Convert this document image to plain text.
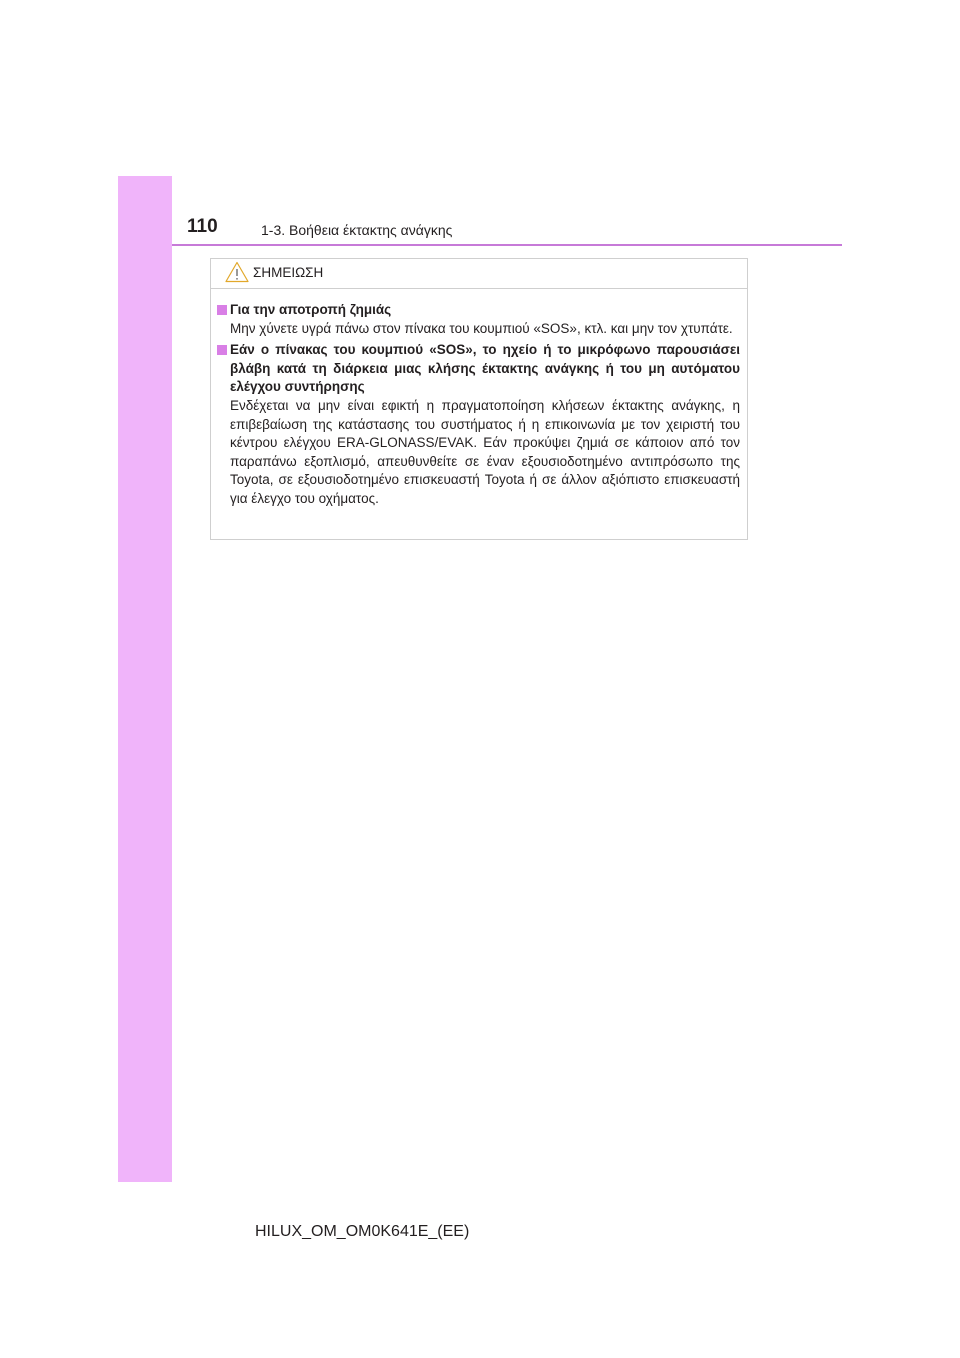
110	1-3. Βοήθεια έκτακτης ανάγκης
ΣΗΜΕΙΩΣΗ
Για την αποτροπή ζημιάς
Μην χύνετε υγρά πάνω στον πίνακα του κουμπιού «SOS», κτλ. και μην τον χτυπάτε.
Εάν ο πίνακας του κουμπιού «SOS», το ηχείο ή το μικρόφωνο παρουσιάσει βλάβη κατά τη διάρκεια μιας κλήσης έκτακτης ανάγκης ή του μη αυτόματου ελέγχου συντήρησης
Ενδέχεται να μην είναι εφικτή η πραγματοποίηση κλήσεων έκτακτης ανάγκης, η επιβεβαίωση της κατάστασης του συστήματος ή η επικοινωνία με τον χειριστή του κέντρου ελέγχου ERA-GLONASS/EVAK. Εάν προκύψει ζημιά σε κάποιον από τον παραπάνω εξοπλισμό, απευθυνθείτε σε έναν εξουσιοδοτημένο αντιπρόσωπο της Toyota, σε εξουσιοδοτημένο επισκευαστή Toyota ή σε άλλον αξιόπιστο επισκευαστή για έλεγχο του οχήματος.
HILUX_OM_OM0K641E_(EE)
